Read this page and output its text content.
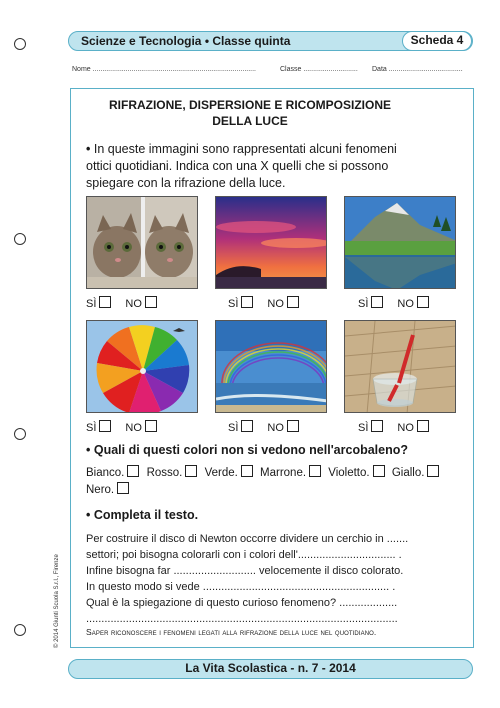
Scienze e Tecnologia • Classe quinta	Scheda 4
Nome ....................................................................................	Classe ............................ Data ......................................
RIFRAZIONE, DISPERSIONE E RICOMPOSIZIONE
DELLA LUCE
• In queste immagini sono rappresentati alcuni fenomeni
ottici quotidiani. Indica con una X quelli che si possono
spiegare con la rifrazione della luce.
SÌ	NO	SÌ	NO	SÌ	NO
SÌ	NO	SÌ	NO	SÌ	NO
• Quali di questi colori non si vedono nell'arcobaleno?
Bianco. Rosso. Verde. Marrone. Violetto. Giallo. Nero.
• Completa il testo.
Per costruire il disco di Newton occorre dividere un cerchio in .......
settori; poi bisogna colorarli con i colori dell'................................ .
Infine bisogna far ........................... velocemente il disco colorato.
In questo modo si vede ............................................................. .
Qual è la spiegazione di questo curioso fenomeno? ...................
......................................................................................................
Saper riconoscere i fenomeni legati alla rifrazione della luce nel quotidiano.
© 2014 Giunti Scuola S.r.l., Firenze
La Vita Scolastica - n. 7 - 2014
